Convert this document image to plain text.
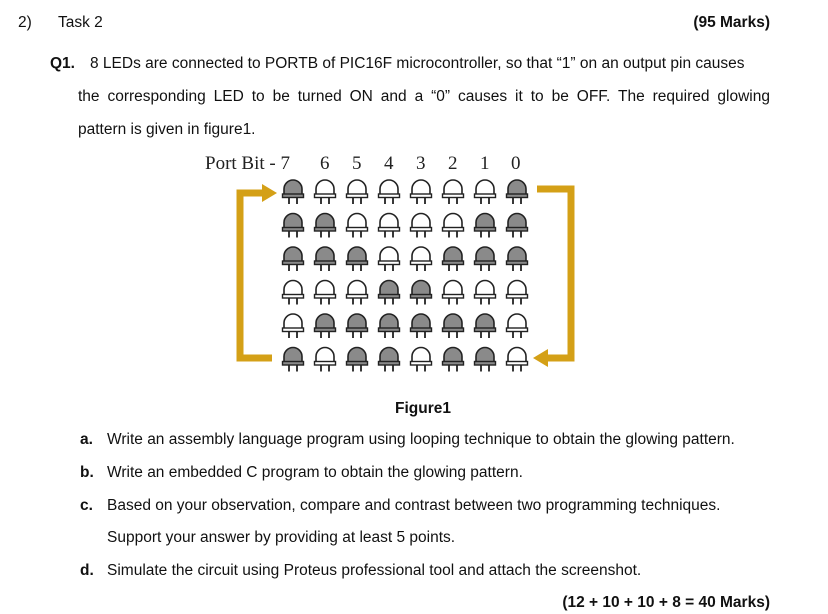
2) Task 2	(95 Marks)
Q1. 8 LEDs are connected to PORTB of PIC16F microcontroller, so that “1” on an output pin causes
the corresponding LED to be turned ON and a “0” causes it to be OFF. The required glowing
pattern is given in figure1.
Port Bit - 7 6 5 4 3 2 1 0
Figure1
a. Write an assembly language program using looping technique to obtain the glowing pattern.
b. Write an embedded C program to obtain the glowing pattern.
c. Based on your observation, compare and contrast between two programming techniques.
Support your answer by providing at least 5 points.
d. Simulate the circuit using Proteus professional tool and attach the screenshot.
(12 + 10 + 10 + 8 = 40 Marks)
